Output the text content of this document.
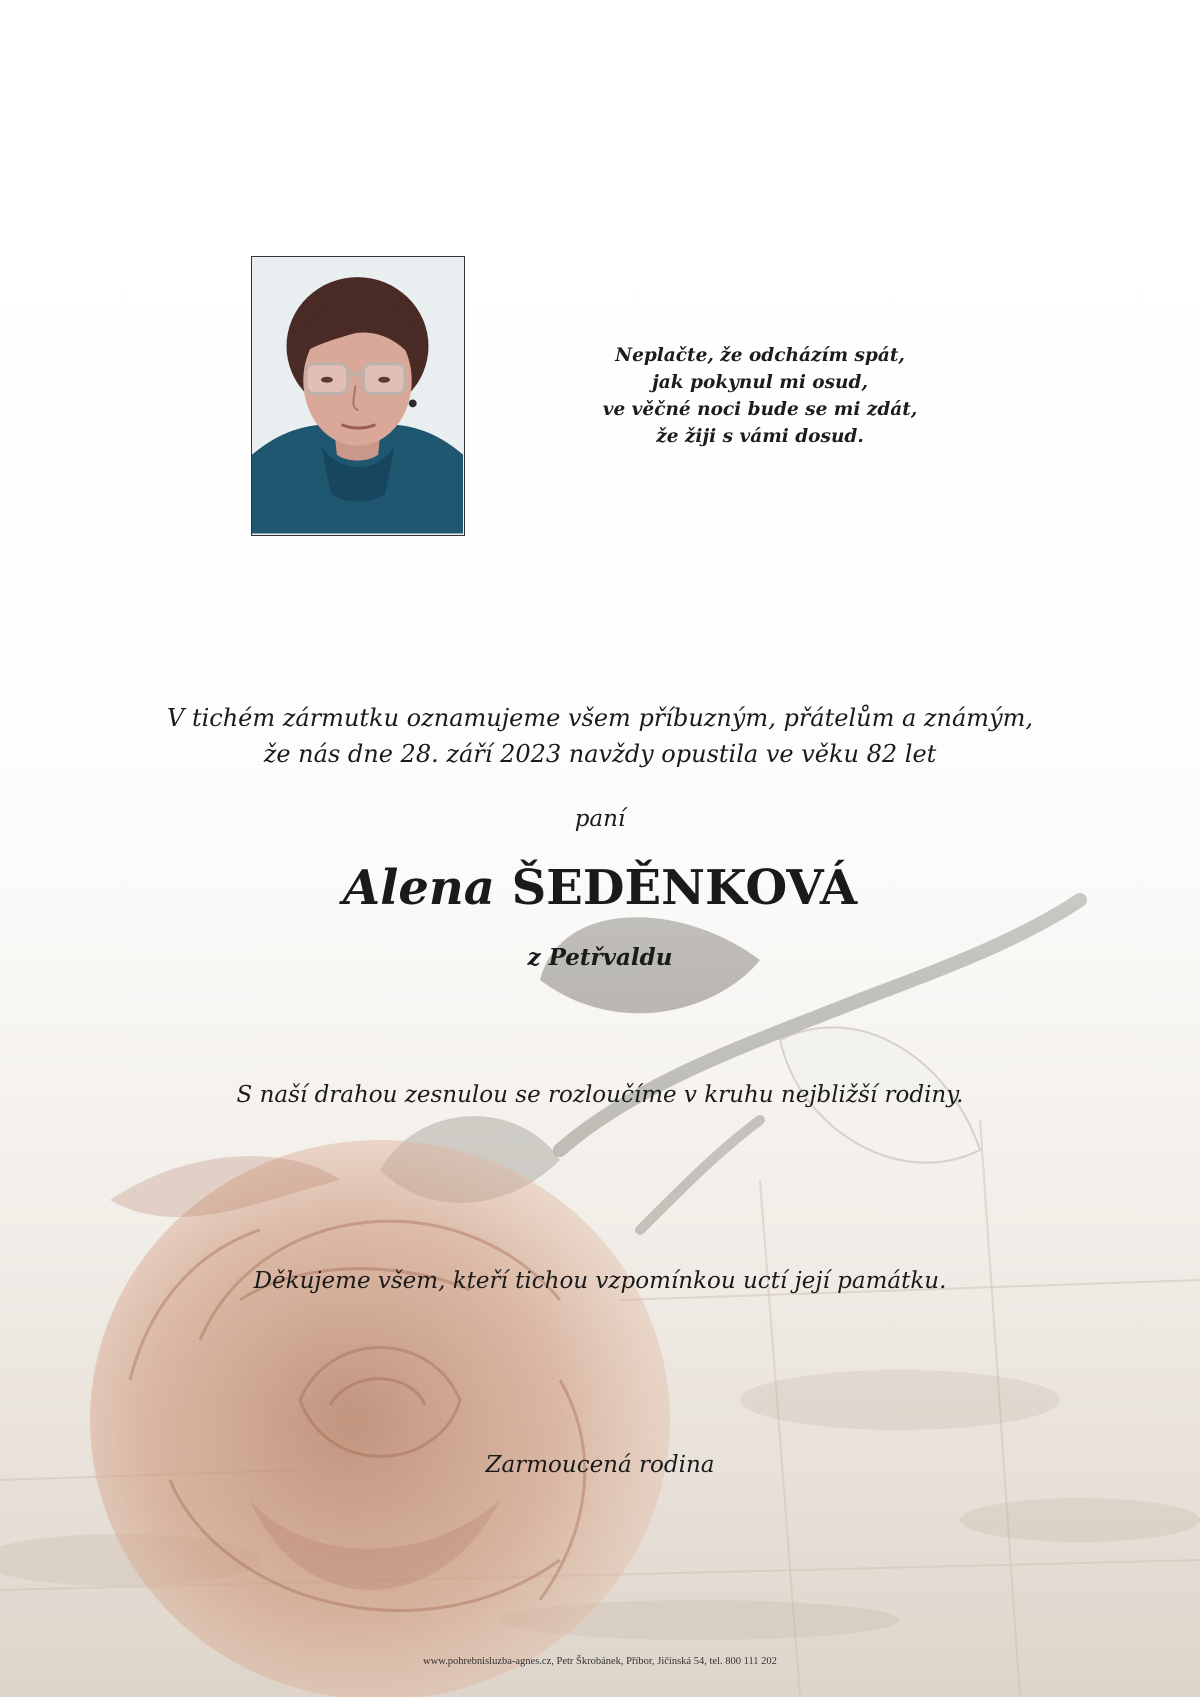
Neplačte, že odcházím spát,
jak pokynul mi osud,
ve věčné noci bude se mi zdát,
že žiji s vámi dosud.
V tichém zármutku oznamujeme všem příbuzným, přátelům a známým,
že nás dne 28. září 2023 navždy opustila ve věku 82 let
paní
Alena ŠEDĚNKOVÁ
z Petřvaldu
S naší drahou zesnulou se rozloučíme v kruhu nejbližší rodiny.
Děkujeme všem, kteří tichou vzpomínkou uctí její památku.
Zarmoucená rodina
www.pohrebnisluzba-agnes.cz, Petr Škrobánek, Příbor, Jičínská 54, tel. 800 111 202
